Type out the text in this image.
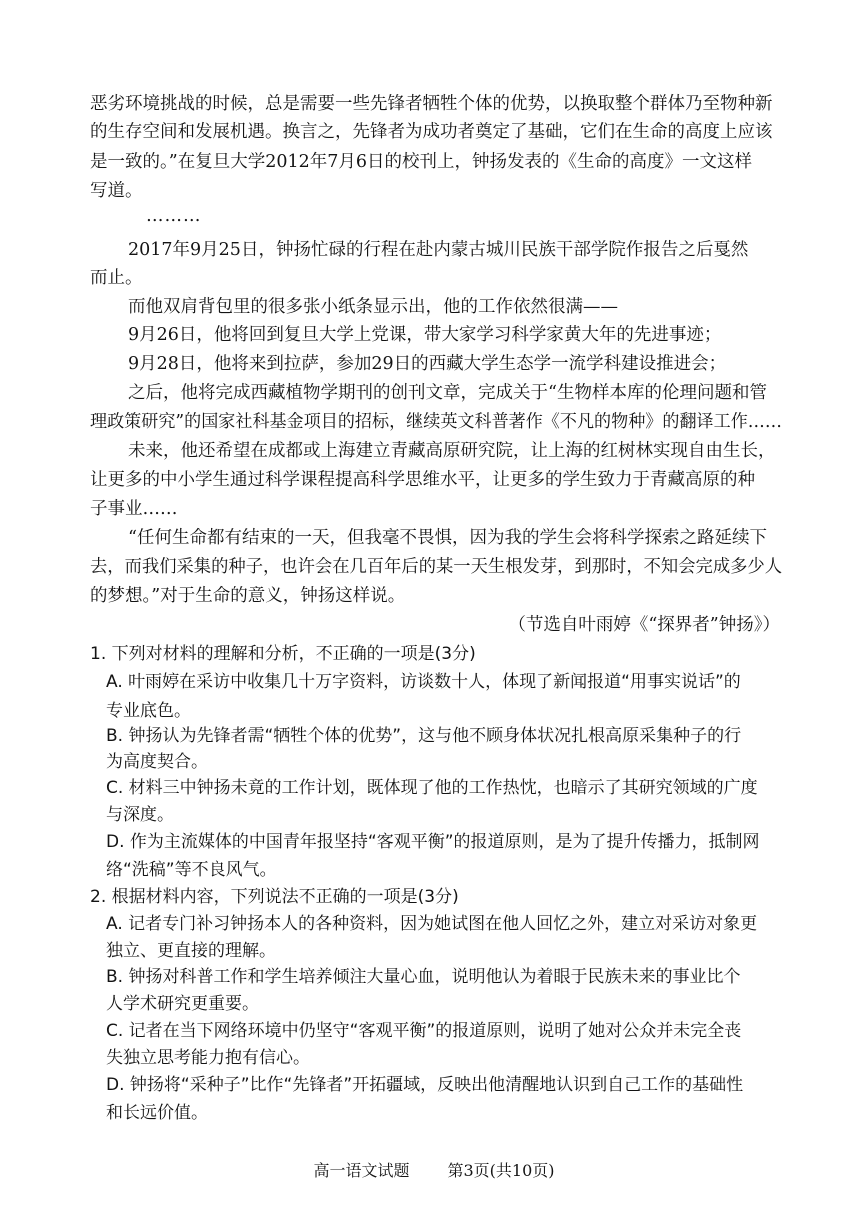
恶劣环境挑战的时候，总是需要一些先锋者牺牲个体的优势，以换取整个群体乃至物种新
的生存空间和发展机遇。换言之，先锋者为成功者奠定了基础，它们在生命的高度上应该
是一致的。”在复旦大学2012年7月6日的校刊上，钟扬发表的《生命的高度》一文这样
写道。
………
2017年9月25日，钟扬忙碌的行程在赴内蒙古城川民族干部学院作报告之后戛然
而止。
而他双肩背包里的很多张小纸条显示出，他的工作依然很满——
9月26日，他将回到复旦大学上党课，带大家学习科学家黄大年的先进事迹；
9月28日，他将来到拉萨，参加29日的西藏大学生态学一流学科建设推进会；
之后，他将完成西藏植物学期刊的创刊文章，完成关于“生物样本库的伦理问题和管
理政策研究”的国家社科基金项目的招标，继续英文科普著作《不凡的物种》的翻译工作……
未来，他还希望在成都或上海建立青藏高原研究院，让上海的红树林实现自由生长，
让更多的中小学生通过科学课程提高科学思维水平，让更多的学生致力于青藏高原的种
子事业……
“任何生命都有结束的一天，但我毫不畏惧，因为我的学生会将科学探索之路延续下
去，而我们采集的种子，也许会在几百年后的某一天生根发芽，到那时，不知会完成多少人
的梦想。”对于生命的意义，钟扬这样说。
（节选自叶雨婷《“探界者”钟扬》）
1. 下列对材料的理解和分析，不正确的一项是(3分)
A. 叶雨婷在采访中收集几十万字资料，访谈数十人，体现了新闻报道“用事实说话”的
专业底色。
B. 钟扬认为先锋者需“牺牲个体的优势”，这与他不顾身体状况扎根高原采集种子的行
为高度契合。
C. 材料三中钟扬未竟的工作计划，既体现了他的工作热忱，也暗示了其研究领域的广度
与深度。
D. 作为主流媒体的中国青年报坚持“客观平衡”的报道原则，是为了提升传播力，抵制网
络“洗稿”等不良风气。
2. 根据材料内容，下列说法不正确的一项是(3分)
A. 记者专门补习钟扬本人的各种资料，因为她试图在他人回忆之外，建立对采访对象更
独立、更直接的理解。
B. 钟扬对科普工作和学生培养倾注大量心血，说明他认为着眼于民族未来的事业比个
人学术研究更重要。
C. 记者在当下网络环境中仍坚守“客观平衡”的报道原则，说明了她对公众并未完全丧
失独立思考能力抱有信心。
D. 钟扬将“采种子”比作“先锋者”开拓疆域，反映出他清醒地认识到自己工作的基础性
和长远价值。
高一语文试题 第3页(共10页)
